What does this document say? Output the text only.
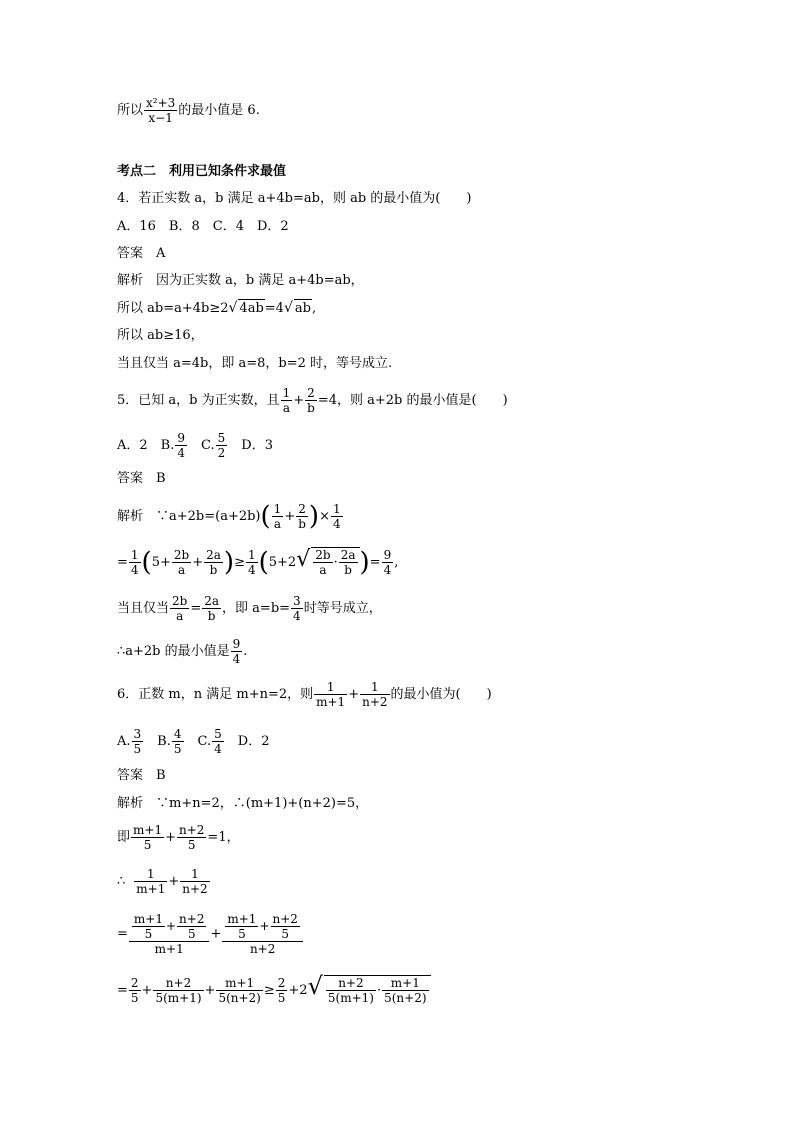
所以 $\frac{\text{x²+3}}{x-1}$ 的最小值是 6.
考点二　利用已知条件求最值
4．若正实数 a，b 满足 a+4b=ab，则 ab 的最小值为(　　)
A．16　B．8　C．4　D．2
答案　A
解析　因为正实数 a，b 满足 a+4b=ab，
所以 ab=a+4b≥2√ 4ab=4√ ab,
所以 ab≥16，
当且仅当 a=4b，即 a=8，b=2 时，等号成立.
5．已知 a，b 为正实数，且 $\frac{1}{a} + \frac{2}{b} =4$，则 a+2b 的最小值是(　　)
A．2　B. $\frac{9}{4}$ 　C. $\frac{5}{2}$ 　D．3
答案　B
解析　∵a+2b=(a+2b)( $\frac{1}{a} + \frac{2}{b}$ )× $\frac{1}{4}$
= $\frac{1}{4} (5+ \frac{2b}{a} + \frac{2a}{b}$ )≥ $\frac{1}{4} (5+2√ \frac{2b}{a} \cdot \frac{2a}{b}$ )= $\frac{9}{4}$ ,
当且仅当 $\frac{2b}{a} = \frac{2a}{b}$ ，即 $a=b= \frac{3}{4}$ 时等号成立，
∴a+2b 的最小值是 $\frac{9}{4}$ .
6．正数 m，n 满足 m+n=2，则 $\frac{1}{m+1} + \frac{1}{n+2}$ 的最小值为(　　)
A. $\frac{3}{5}$ 　B. $\frac{4}{5}$ 　C. $\frac{5}{4}$ 　D．2
答案　B
解析　∵m+n=2，∴(m+1)+(n+2)=5，
即 $\frac{m+1}{5} + \frac{n+2}{5} =1$，
∴ $\frac{1}{m+1} + \frac{1}{n+2}$
= $\frac{\frac{m+1}{5} + \frac{n+2}{5}}{m+1} + \frac{\frac{m+1}{5} + \frac{n+2}{5}}{n+2}$
= $\frac{2}{5} + \frac{n+2}{5(m+1)} + \frac{m+1}{5(n+2)} \ge \frac{2}{5} +2√ \frac{n+2}{5(m+1)} \cdot \frac{m+1}{5(n+2)}$
